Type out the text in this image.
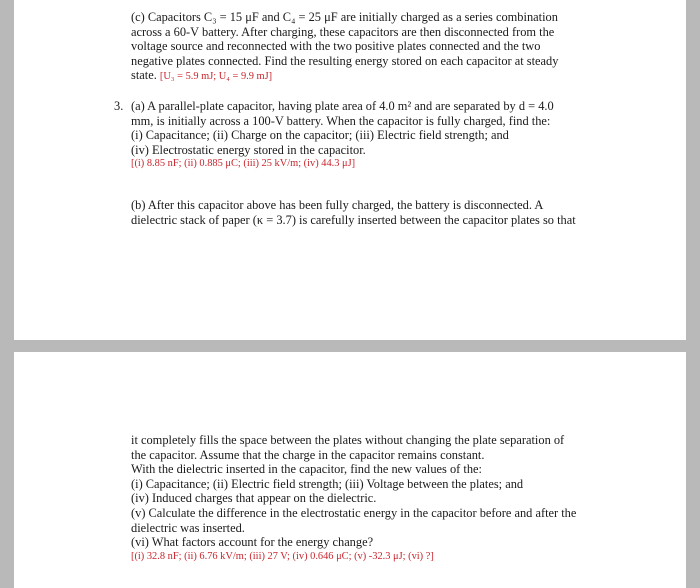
(c) Capacitors C₃ = 15 μF and C₄ = 25 μF are initially charged as a series combination
across a 60-V battery. After charging, these capacitors are then disconnected from the
voltage source and reconnected with the two positive plates connected and the two
negative plates connected. Find the resulting energy stored on each capacitor at steady
state. [U₃ = 5.9 mJ; U₄ = 9.9 mJ]
3. (a) A parallel-plate capacitor, having plate area of 4.0 m² and are separated by d = 4.0
mm, is initially across a 100-V battery. When the capacitor is fully charged, find the:
(i) Capacitance; (ii) Charge on the capacitor; (iii) Electric field strength; and
(iv) Electrostatic energy stored in the capacitor.
[(i) 8.85 nF; (ii) 0.885 μC; (iii) 25 kV/m; (iv) 44.3 μJ]
(b) After this capacitor above has been fully charged, the battery is disconnected. A
dielectric stack of paper (κ = 3.7) is carefully inserted between the capacitor plates so that
it completely fills the space between the plates without changing the plate separation of
the capacitor. Assume that the charge in the capacitor remains constant.
With the dielectric inserted in the capacitor, find the new values of the:
(i) Capacitance; (ii) Electric field strength; (iii) Voltage between the plates; and
(iv) Induced charges that appear on the dielectric.
(v) Calculate the difference in the electrostatic energy in the capacitor before and after the
dielectric was inserted.
(vi) What factors account for the energy change?
[(i) 32.8 nF; (ii) 6.76 kV/m; (iii) 27 V; (iv) 0.646 μC; (v) -32.3 μJ; (vi) ?]
